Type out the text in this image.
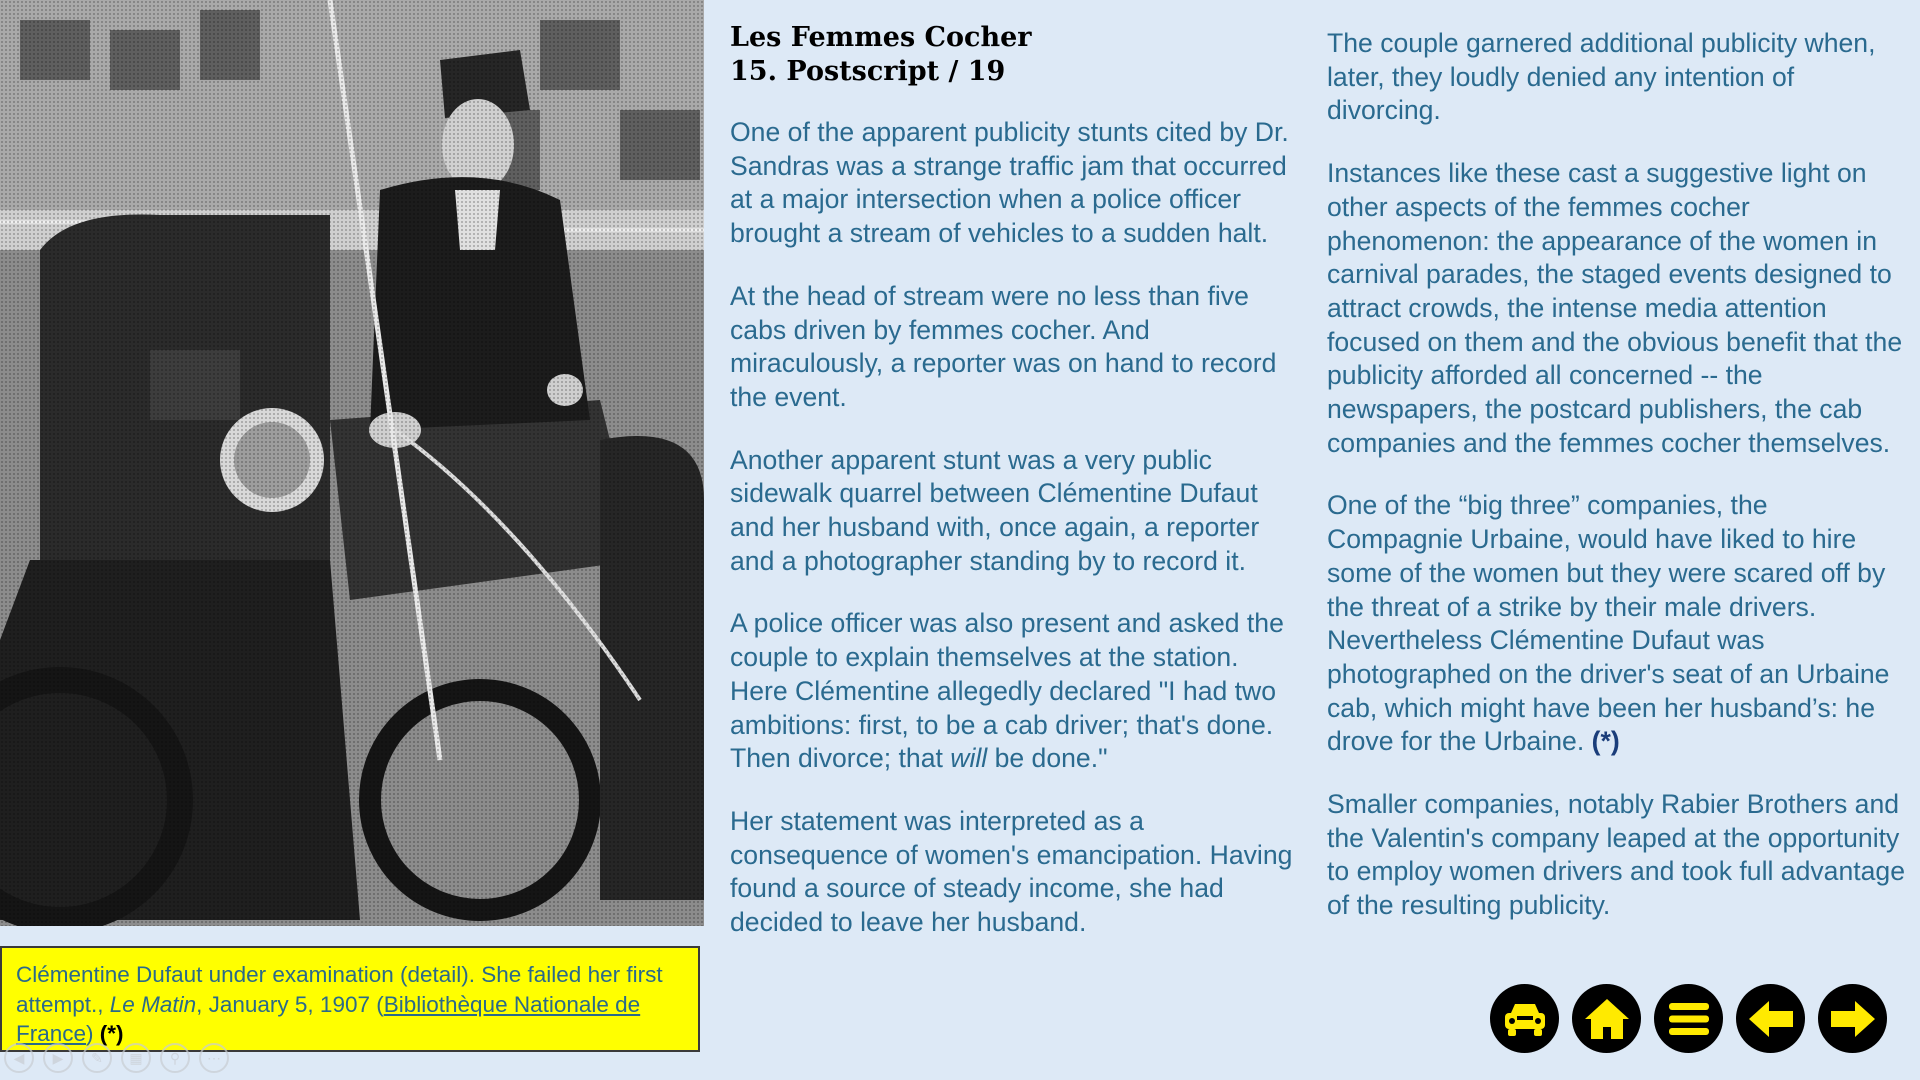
Clémentine Dufaut under examination (detail). She failed her first attempt., Le Matin, January 5, 1907 (Bibliothèque Nationale de France) (*)
◀	▶	✎	▦	⚲	⋯
Les Femmes Cocher
15. Postscript / 19

One of the apparent publicity stunts cited by Dr. Sandras was a strange traffic jam that occurred at a major intersection when a police officer brought a stream of vehicles to a sudden halt.

At the head of stream were no less than five cabs driven by femmes cocher. And miraculously, a reporter was on hand to record the event.

Another apparent stunt was a very public sidewalk quarrel between Clémentine Dufaut and her husband with, once again, a reporter and a photographer standing by to record it.

A police officer was also present and asked the couple to explain themselves at the station. Here Clémentine allegedly declared "I had two ambitions: first, to be a cab driver; that's done. Then divorce; that will be done."

Her statement was interpreted as a consequence of women's emancipation. Having found a source of steady income, she had decided to leave her husband.

The couple garnered additional publicity when, later, they loudly denied any intention of divorcing.

Instances like these cast a suggestive light on other aspects of the femmes cocher phenomenon: the appearance of the women in carnival parades, the staged events designed to attract crowds, the intense media attention focused on them and the obvious benefit that the publicity afforded all concerned -- the newspapers, the postcard publishers, the cab companies and the femmes cocher themselves.

One of the “big three” companies, the Compagnie Urbaine, would have liked to hire some of the women but they were scared off by the threat of a strike by their male drivers. Nevertheless Clémentine Dufaut was photographed on the driver's seat of an Urbaine cab, which might have been her husband’s: he drove for the Urbaine. (*)

Smaller companies, notably Rabier Brothers and the Valentin's company leaped at the opportunity to employ women drivers and took full advantage of the resulting publicity.
